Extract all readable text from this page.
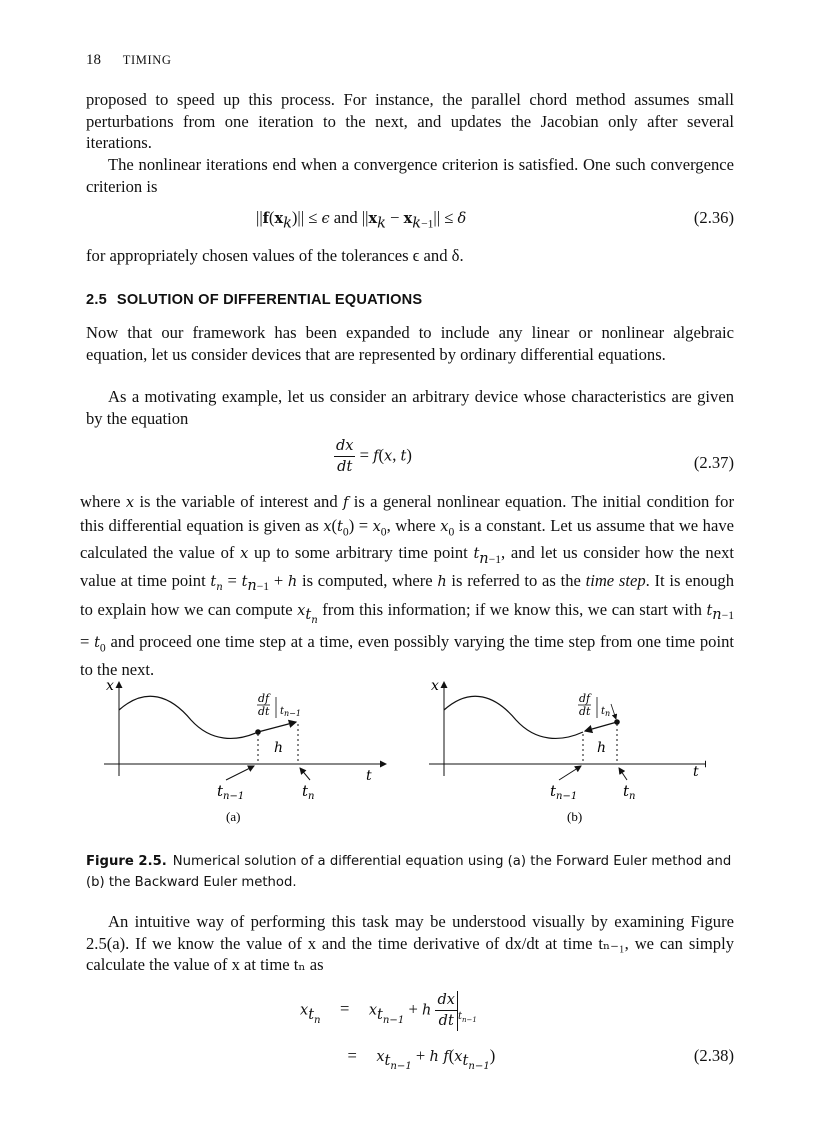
18 TIMING

proposed to speed up this process. For instance, the parallel chord method assumes small perturbations from one iteration to the next, and updates the Jacobian only after several iterations.

The nonlinear iterations end when a convergence criterion is satisfied. One such convergence criterion is

$||f(x_k)|| \le \epsilon$ and $||x_k - x_{k-1}|| \le \delta$	(2.36)

for appropriately chosen values of the tolerances ϵ and δ.

2.5 SOLUTION OF DIFFERENTIAL EQUATIONS

Now that our framework has been expanded to include any linear or nonlinear algebraic equation, let us consider devices that are represented by ordinary differential equations.

As a motivating example, let us consider an arbitrary device whose characteristics are given by the equation

$\frac{dx}{dt} = f(x$, t)	(2.37)

where x is the variable of interest and f is a general nonlinear equation. The initial condition for this differential equation is given as $x(t_0) = x_0$, where $x_0$ is a constant. Let us assume that we have calculated the value of x up to some arbitrary time point $t_{n-1}$, and let us consider how the next value at time point $t_n = t_{n-1} + h$ is computed, where h is referred to as the time step. It is enough to explain how we can compute $x_{t_n}$ from this information; if we know this, we can start with $t_{n-1} = t_0$ and proceed one time step at a time, even possibly varying the time step from one time point to the next.

x
t
h
df
dt $t_{n-1}$
$t_{n-1}$	$t_n$
(a)
x
t
h
df
dt $t_n$
$t_{n-1}$	$t_n$
(b)
Figure 2.5. Numerical solution of a differential equation using (a) the Forward Euler method and (b) the Backward Euler method.

An intuitive way of performing this task may be understood visually by examining Figure 2.5(a). If we know the value of x and the time derivative of dx/dt at time tₙ₋₁, we can simply calculate the value of x at time tₙ as

$x_{t_n} = x_{t_{n-1}} + h \frac{dx}{dt} _{t_{n-1}}$
= $x_{t_{n-1}} + h$ $f(x_{t_{n-1}})$	(2.38)
